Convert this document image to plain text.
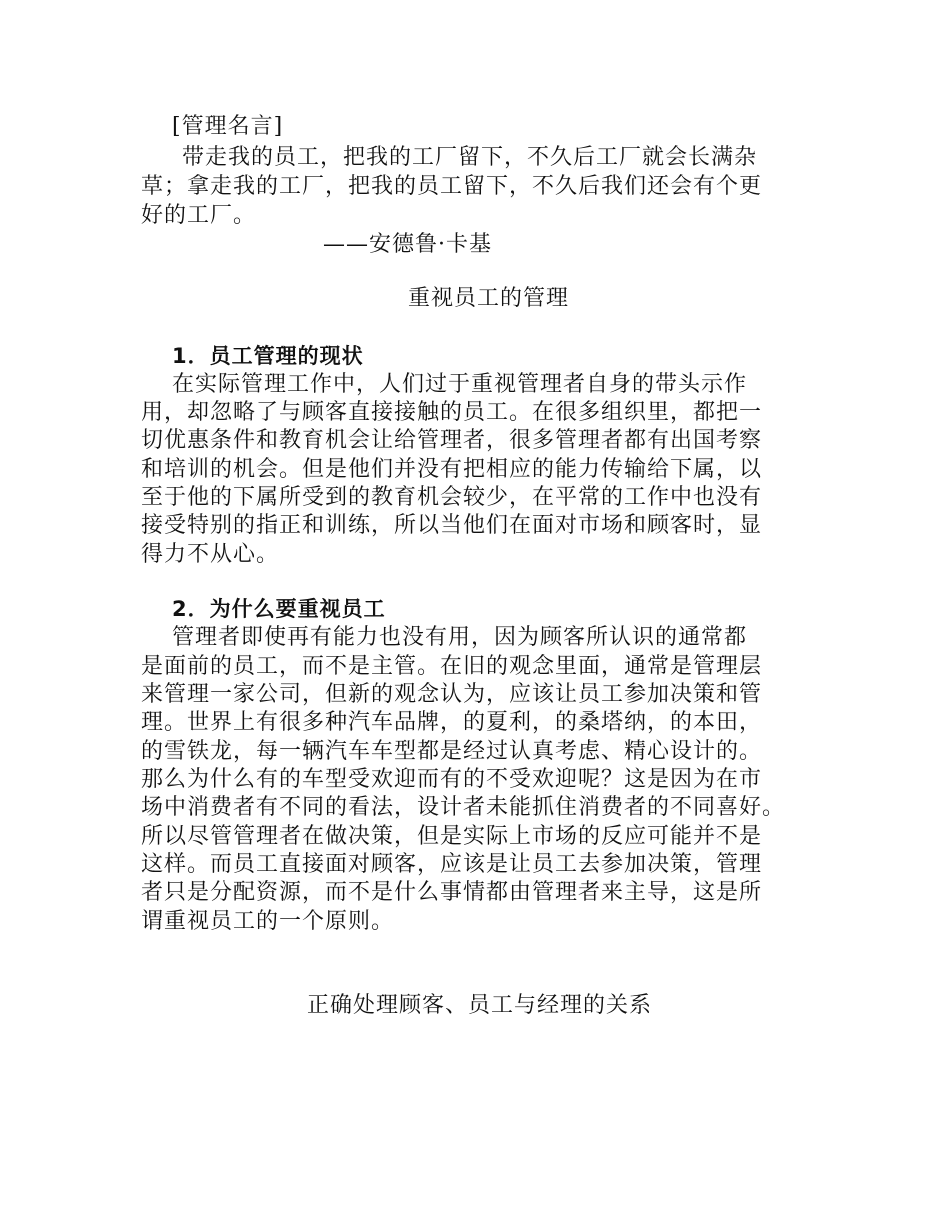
[管理名言]
带走我的员工，把我的工厂留下，不久后工厂就会长满杂
草；拿走我的工厂，把我的员工留下，不久后我们还会有个更
好的工厂。
——安德鲁·卡基
重视员工的管理
1．员工管理的现状
在实际管理工作中，人们过于重视管理者自身的带头示作
用，却忽略了与顾客直接接触的员工。在很多组织里，都把一
切优惠条件和教育机会让给管理者，很多管理者都有出国考察
和培训的机会。但是他们并没有把相应的能力传输给下属，以
至于他的下属所受到的教育机会较少，在平常的工作中也没有
接受特别的指正和训练，所以当他们在面对市场和顾客时，显
得力不从心。
2．为什么要重视员工
管理者即使再有能力也没有用，因为顾客所认识的通常都
是面前的员工，而不是主管。在旧的观念里面，通常是管理层
来管理一家公司，但新的观念认为，应该让员工参加决策和管
理。世界上有很多种汽车品牌，的夏利，的桑塔纳，的本田，
的雪铁龙，每一辆汽车车型都是经过认真考虑、精心设计的。
那么为什么有的车型受欢迎而有的不受欢迎呢？这是因为在市
场中消费者有不同的看法，设计者未能抓住消费者的不同喜好。
所以尽管管理者在做决策，但是实际上市场的反应可能并不是
这样。而员工直接面对顾客，应该是让员工去参加决策，管理
者只是分配资源，而不是什么事情都由管理者来主导，这是所
谓重视员工的一个原则。
正确处理顾客、员工与经理的关系
